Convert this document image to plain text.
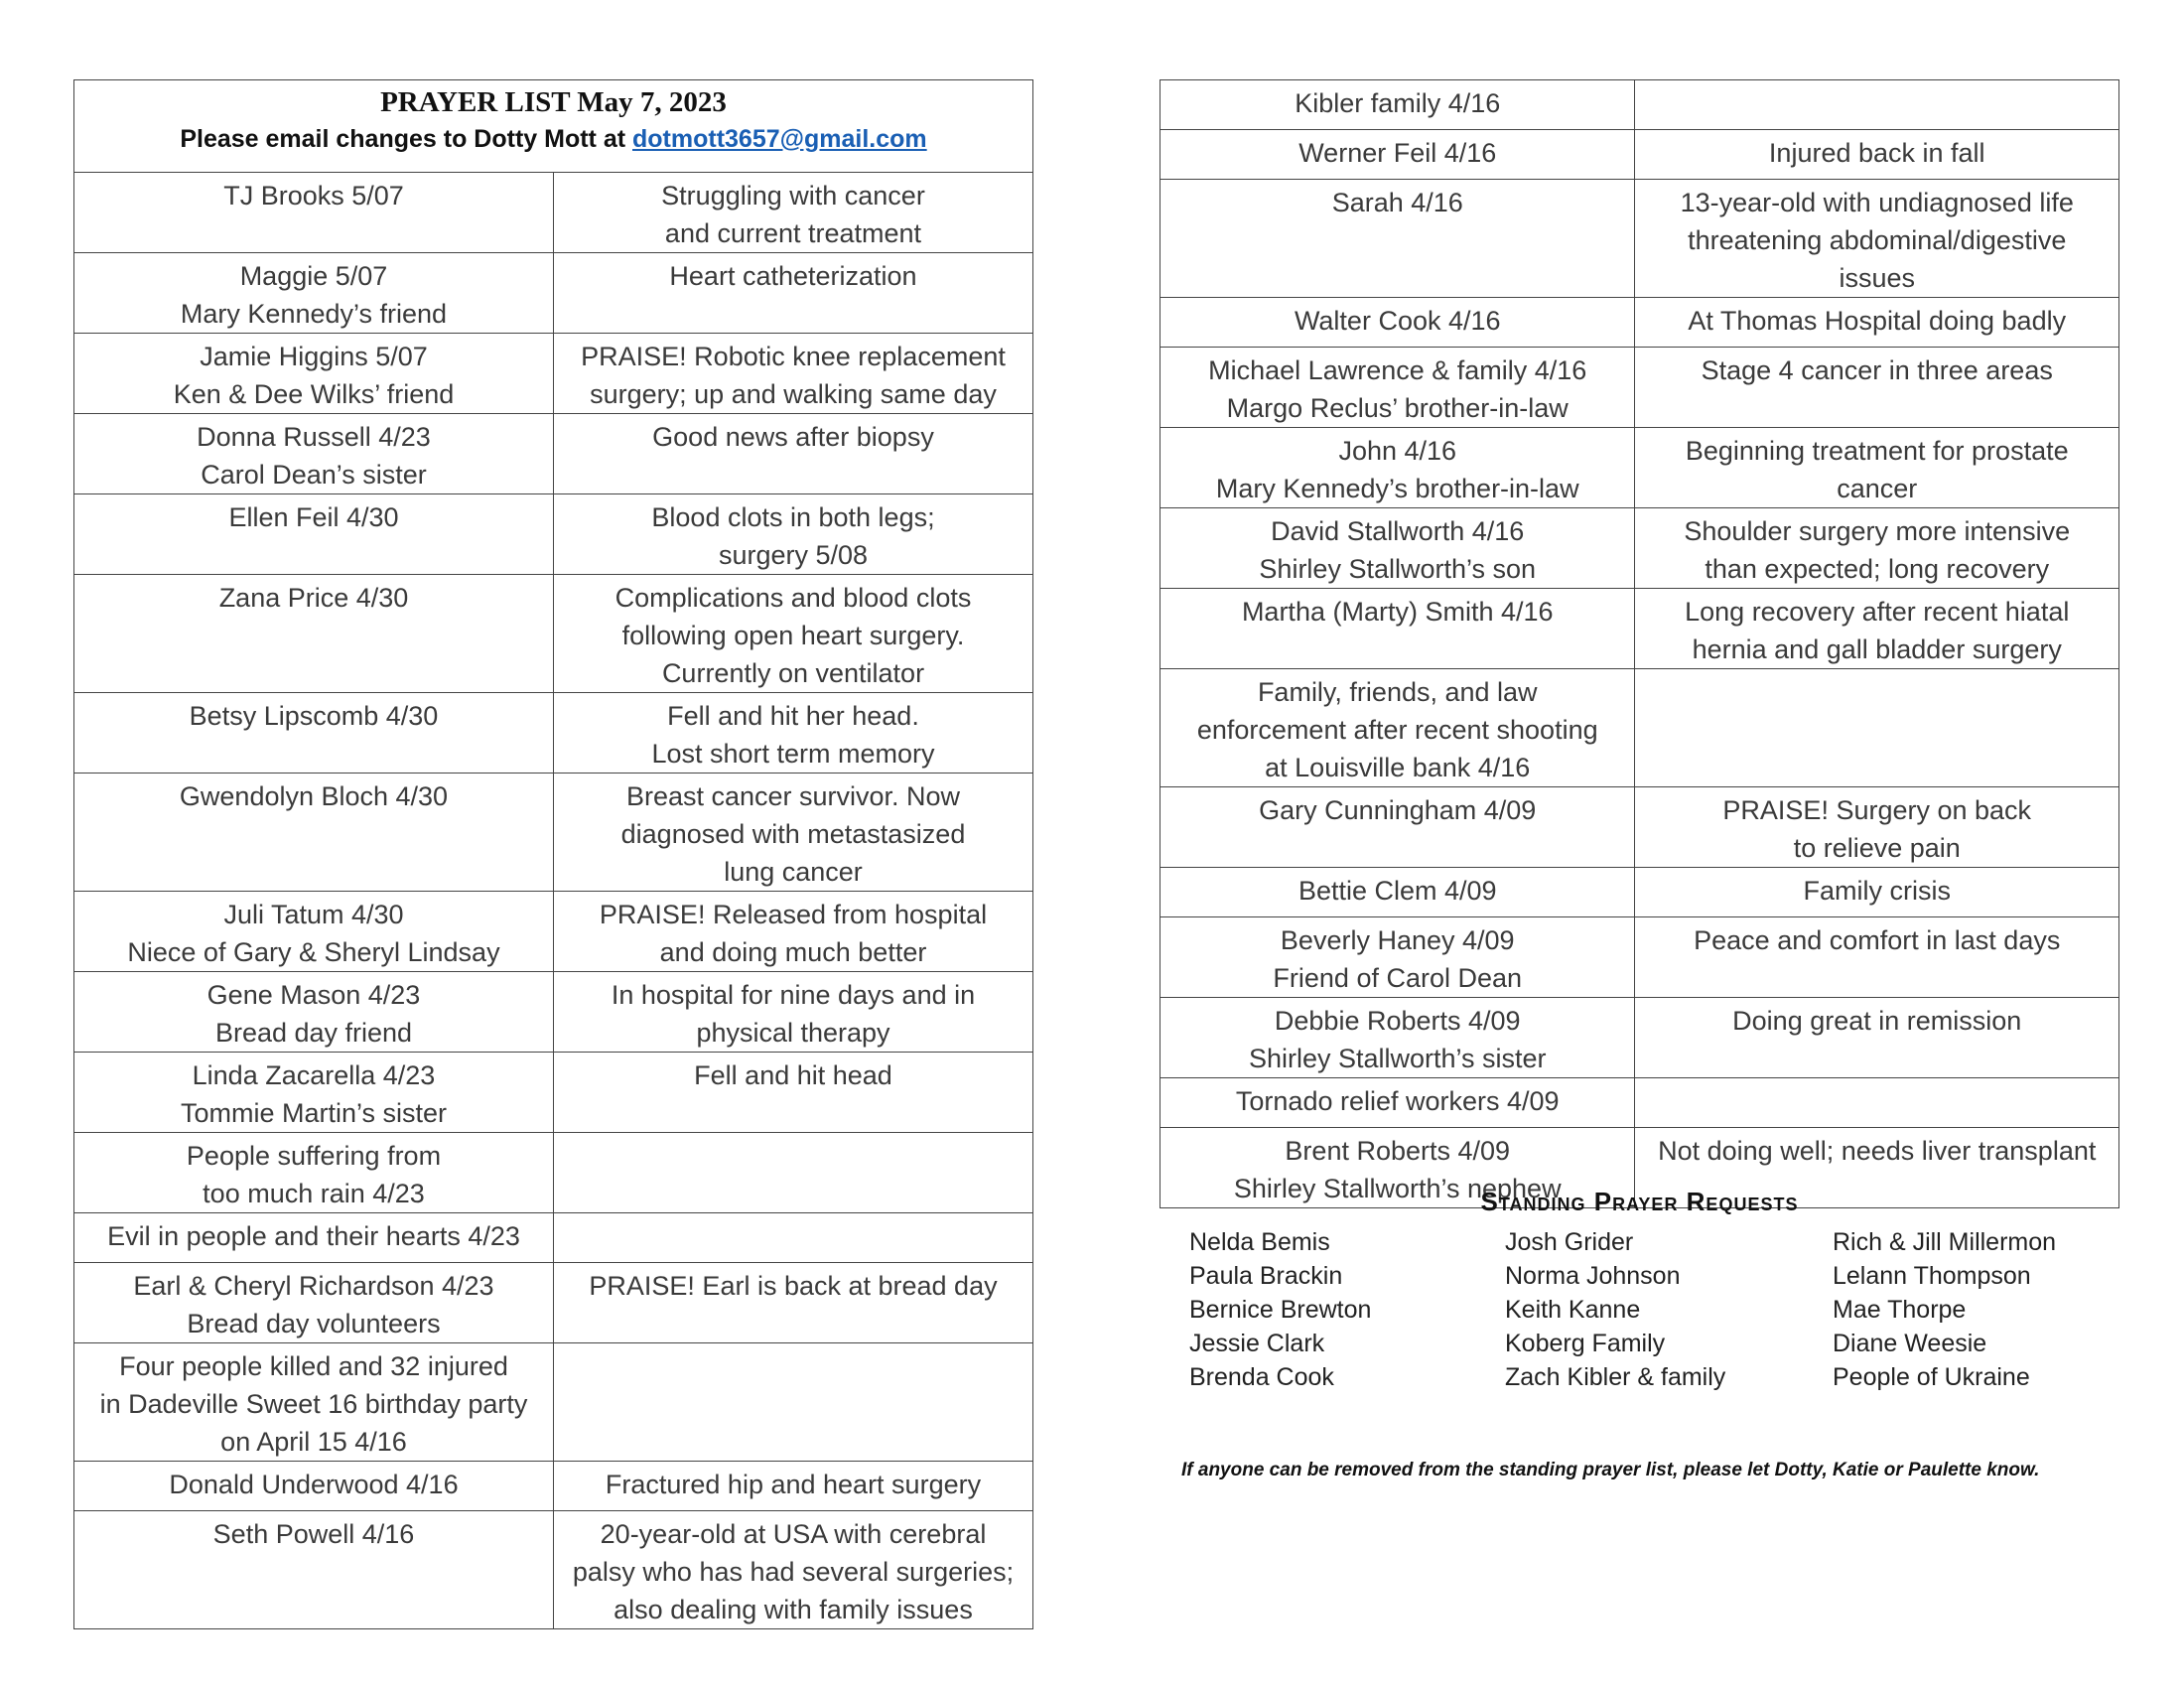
PRAYER LIST May 7, 2023
Please email changes to Dotty Mott at dotmott3657@gmail.com	

TJ Brooks 5/07	Struggling with cancer
and current treatment

Maggie 5/07
Mary Kennedy’s friend	Heart catheterization

Jamie Higgins 5/07
Ken & Dee Wilks’ friend	PRAISE! Robotic knee replacement
surgery; up and walking same day

Donna Russell 4/23
Carol Dean’s sister	Good news after biopsy

Ellen Feil 4/30	Blood clots in both legs;
surgery 5/08

Zana Price 4/30	Complications and blood clots
following open heart surgery.
Currently on ventilator

Betsy Lipscomb 4/30	Fell and hit her head.
Lost short term memory

Gwendolyn Bloch 4/30	Breast cancer survivor. Now
diagnosed with metastasized
lung cancer

Juli Tatum 4/30
Niece of Gary & Sheryl Lindsay	PRAISE! Released from hospital
and doing much better

Gene Mason 4/23
Bread day friend	In hospital for nine days and in
physical therapy

Linda Zacarella 4/23
Tommie Martin’s sister	Fell and hit head

People suffering from
too much rain 4/23	

Evil in people and their hearts 4/23	

Earl & Cheryl Richardson 4/23
Bread day volunteers	PRAISE! Earl is back at bread day

Four people killed and 32 injured
in Dadeville Sweet 16 birthday party
on April 15 4/16	

Donald Underwood 4/16	Fractured hip and heart surgery

Seth Powell 4/16	20-year-old at USA with cerebral
palsy who has had several surgeries;
also dealing with family issues
Kibler family 4/16	

Werner Feil 4/16	Injured back in fall

Sarah 4/16	13-year-old with undiagnosed life
threatening abdominal/digestive
issues

Walter Cook 4/16	At Thomas Hospital doing badly

Michael Lawrence & family 4/16
Margo Reclus’ brother-in-law	Stage 4 cancer in three areas

John 4/16
Mary Kennedy’s brother-in-law	Beginning treatment for prostate
cancer

David Stallworth 4/16
Shirley Stallworth’s son	Shoulder surgery more intensive
than expected; long recovery

Martha (Marty) Smith 4/16	Long recovery after recent hiatal
hernia and gall bladder surgery

Family, friends, and law
enforcement after recent shooting
at Louisville bank 4/16	

Gary Cunningham 4/09	PRAISE! Surgery on back
to relieve pain

Bettie Clem 4/09	Family crisis

Beverly Haney 4/09
Friend of Carol Dean	Peace and comfort in last days

Debbie Roberts 4/09
Shirley Stallworth’s sister	Doing great in remission

Tornado relief workers 4/09	

Brent Roberts 4/09
Shirley Stallworth’s nephew	Not doing well; needs liver transplant
Standing Prayer Requests
Nelda Bemis
Paula Brackin
Bernice Brewton
Jessie Clark
Brenda Cook
Josh Grider
Norma Johnson
Keith Kanne
Koberg Family
Zach Kibler & family
Rich & Jill Millermon
Lelann Thompson
Mae Thorpe
Diane Weesie
People of Ukraine
If anyone can be removed from the standing prayer list, please let Dotty, Katie or Paulette know.
